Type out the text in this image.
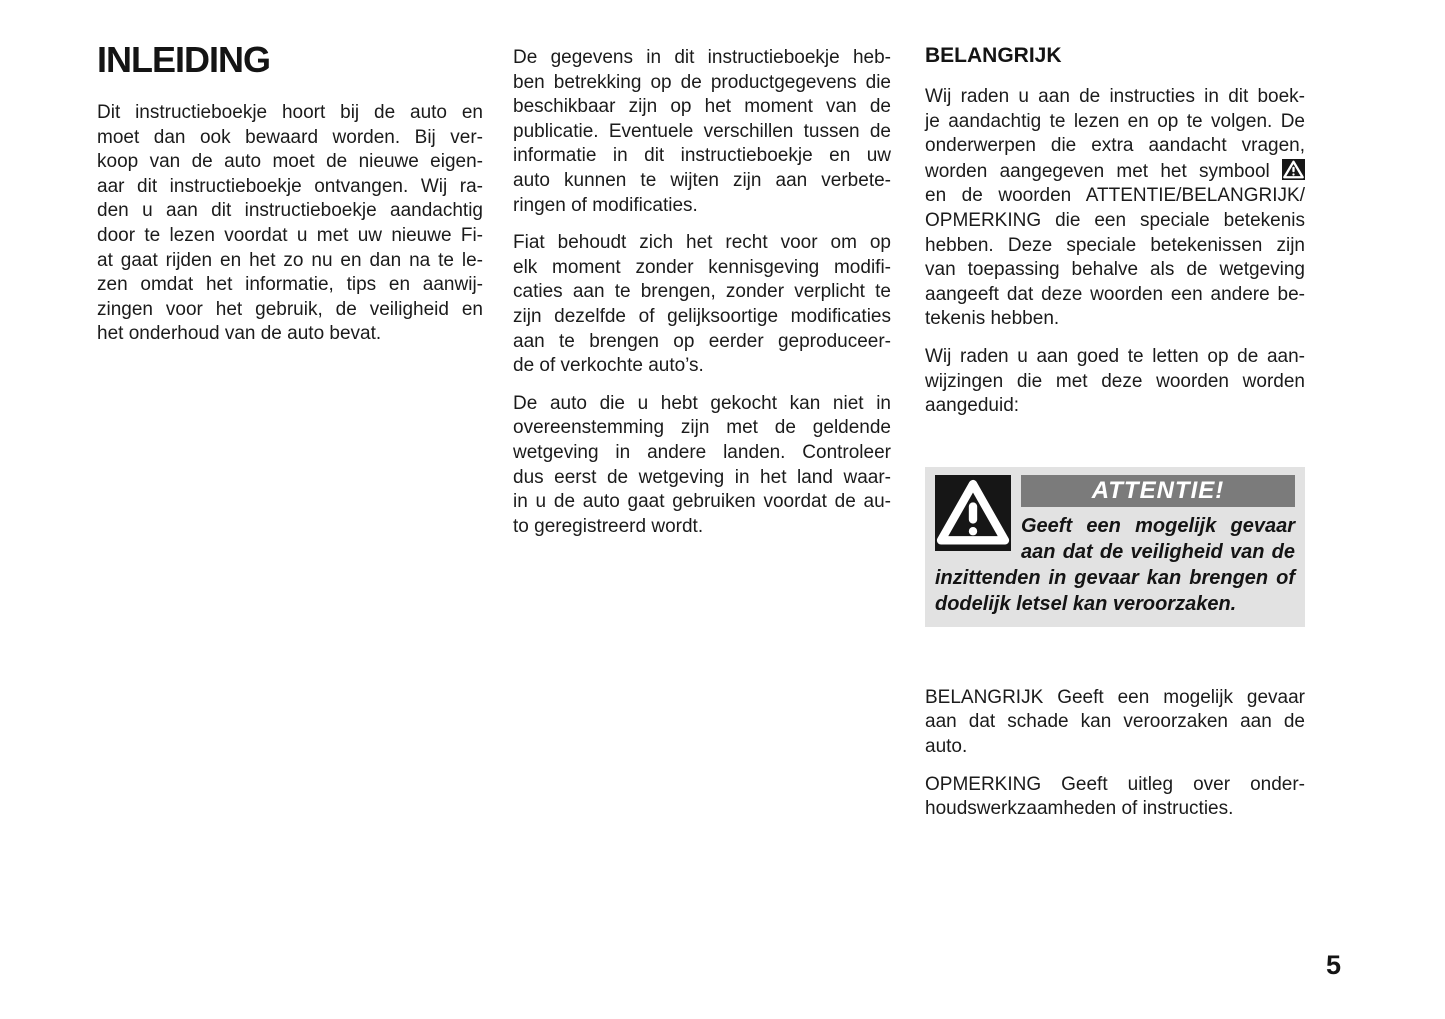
INLEIDING
Dit instructieboekje hoort bij de auto en
moet dan ook bewaard worden. Bij ver-
koop van de auto moet de nieuwe eigen-
aar dit instructieboekje ontvangen. Wij ra-
den u aan dit instructieboekje aandachtig
door te lezen voordat u met uw nieuwe Fi-
at gaat rijden en het zo nu en dan na te le-
zen omdat het informatie, tips en aanwij-
zingen voor het gebruik, de veiligheid en
het onderhoud van de auto bevat.
De gegevens in dit instructieboekje heb-
ben betrekking op de productgegevens die
beschikbaar zijn op het moment van de
publicatie. Eventuele verschillen tussen de
informatie in dit instructieboekje en uw
auto kunnen te wijten zijn aan verbete-
ringen of modificaties.
Fiat behoudt zich het recht voor om op
elk moment zonder kennisgeving modifi-
caties aan te brengen, zonder verplicht te
zijn dezelfde of gelijksoortige modificaties
aan te brengen op eerder geproduceer-
de of verkochte auto’s.
De auto die u hebt gekocht kan niet in
overeenstemming zijn met de geldende
wetgeving in andere landen. Controleer
dus eerst de wetgeving in het land waar-
in u de auto gaat gebruiken voordat de au-
to geregistreerd wordt.
BELANGRIJK
Wij raden u aan de instructies in dit boek-
je aandachtig te lezen en op te volgen. De
onderwerpen die extra aandacht vragen,
worden aangegeven met het symbool
en de woorden ATTENTIE/BELANGRIJK/
OPMERKING die een speciale betekenis
hebben. Deze speciale betekenissen zijn
van toepassing behalve als de wetgeving
aangeeft dat deze woorden een andere be-
tekenis hebben.
Wij raden u aan goed te letten op de aan-
wijzingen die met deze woorden worden
aangeduid:
ATTENTIE!
Geeft een mogelijk gevaar
aan dat de veiligheid van de
inzittenden in gevaar kan brengen of
dodelijk letsel kan veroorzaken.
BELANGRIJK Geeft een mogelijk gevaar
aan dat schade kan veroorzaken aan de
auto.
OPMERKING Geeft uitleg over onder-
houdswerkzaamheden of instructies.
5
